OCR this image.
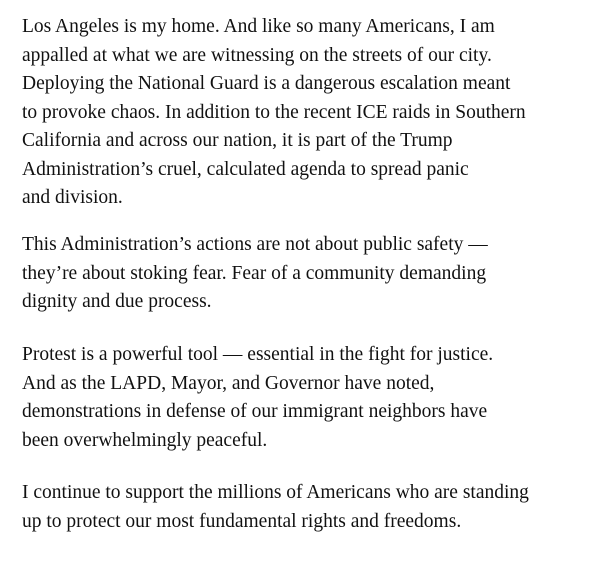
Los Angeles is my home. And like so many Americans, I am
appalled at what we are witnessing on the streets of our city.
Deploying the National Guard is a dangerous escalation meant
to provoke chaos. In addition to the recent ICE raids in Southern
California and across our nation, it is part of the Trump
Administration’s cruel, calculated agenda to spread panic
and division.

This Administration’s actions are not about public safety —
they’re about stoking fear. Fear of a community demanding
dignity and due process.

Protest is a powerful tool — essential in the fight for justice.
And as the LAPD, Mayor, and Governor have noted,
demonstrations in defense of our immigrant neighbors have
been overwhelmingly peaceful.

I continue to support the millions of Americans who are standing
up to protect our most fundamental rights and freedoms.
